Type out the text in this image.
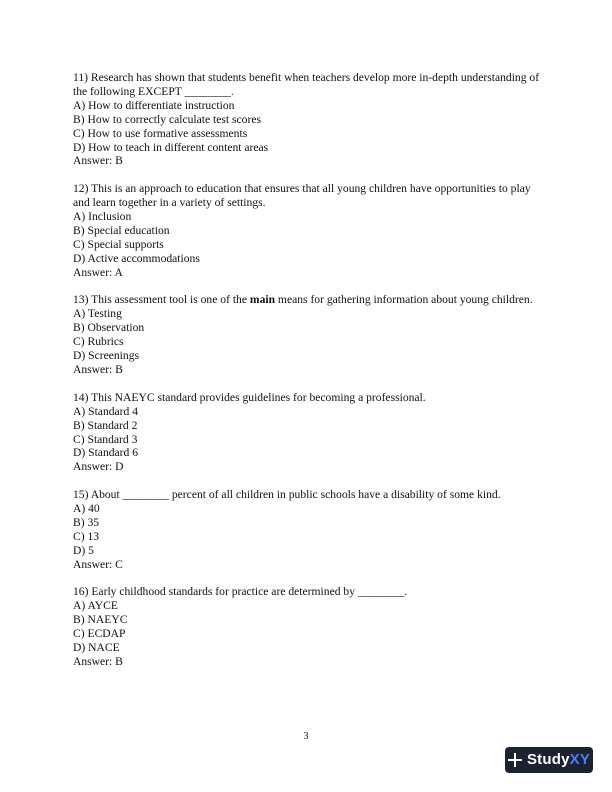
11) Research has shown that students benefit when teachers develop more in-depth understanding of the following EXCEPT ________.
A) How to differentiate instruction
B) How to correctly calculate test scores
C) How to use formative assessments
D) How to teach in different content areas
Answer: B
12) This is an approach to education that ensures that all young children have opportunities to play and learn together in a variety of settings.
A) Inclusion
B) Special education
C) Special supports
D) Active accommodations
Answer: A
13) This assessment tool is one of the main means for gathering information about young children.
A) Testing
B) Observation
C) Rubrics
D) Screenings
Answer: B
14) This NAEYC standard provides guidelines for becoming a professional.
A) Standard 4
B) Standard 2
C) Standard 3
D) Standard 6
Answer: D
15) About ________ percent of all children in public schools have a disability of some kind.
A) 40
B) 35
C) 13
D) 5
Answer: C
16) Early childhood standards for practice are determined by ________.
A) AYCE
B) NAEYC
C) ECDAP
D) NACE
Answer: B
3
Study XY
